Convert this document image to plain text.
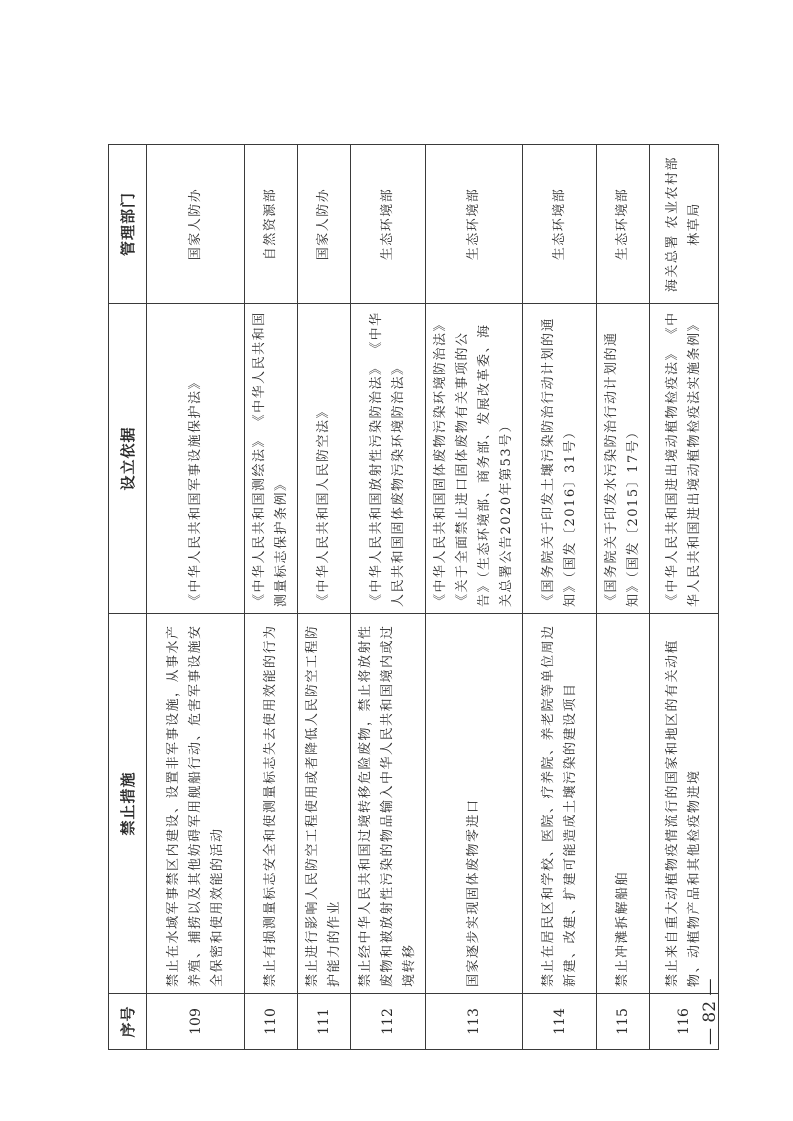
序号	禁止措施	设立依据	管理部门
109	禁止在水域军事禁区内建设、设置非军事设施，从事水产养殖、捕捞以及其他妨碍军用舰船行动、危害军事设施安全保密和使用效能的活动	《中华人民共和国军事设施保护法》	国家人防办
110	禁止有损测量标志安全和使测量标志失去使用效能的行为	《中华人民共和国测绘法》 《中华人民共和国测量标志保护条例》	自然资源部
111	禁止进行影响人民防空工程使用或者降低人民防空工程防护能力的作业	《中华人民共和国人民防空法》	国家人防办
112	禁止经中华人民共和国过境转移危险废物，禁止将放射性废物和被放射性污染的物品输入中华人民共和国境内或过境转移	《中华人民共和国放射性污染防治法》 《中华人民共和国固体废物污染环境防治法》	生态环境部
113	国家逐步实现固体废物零进口	《中华人民共和国固体废物污染环境防治法》 《关于全面禁止进口固体废物有关事项的公告》（生态环境部、商务部、发展改革委、海关总署公告2020年第53号）	生态环境部
114	禁止在居民区和学校、医院、疗养院、养老院等单位周边新建、改建、扩建可能造成土壤污染的建设项目	《国务院关于印发土壤污染防治行动计划的通知》（国发〔2016〕31号）	生态环境部
115	禁止冲滩拆解船舶	《国务院关于印发水污染防治行动计划的通知》（国发〔2015〕17号）	生态环境部
116	禁止来自重大动植物疫情流行的国家和地区的有关动植物、动植物产品和其他检疫物进境	《中华人民共和国进出境动植物检疫法》 《中华人民共和国进出境动植物检疫法实施条例》	海关总署 农业农村部 林草局
— 82 —
